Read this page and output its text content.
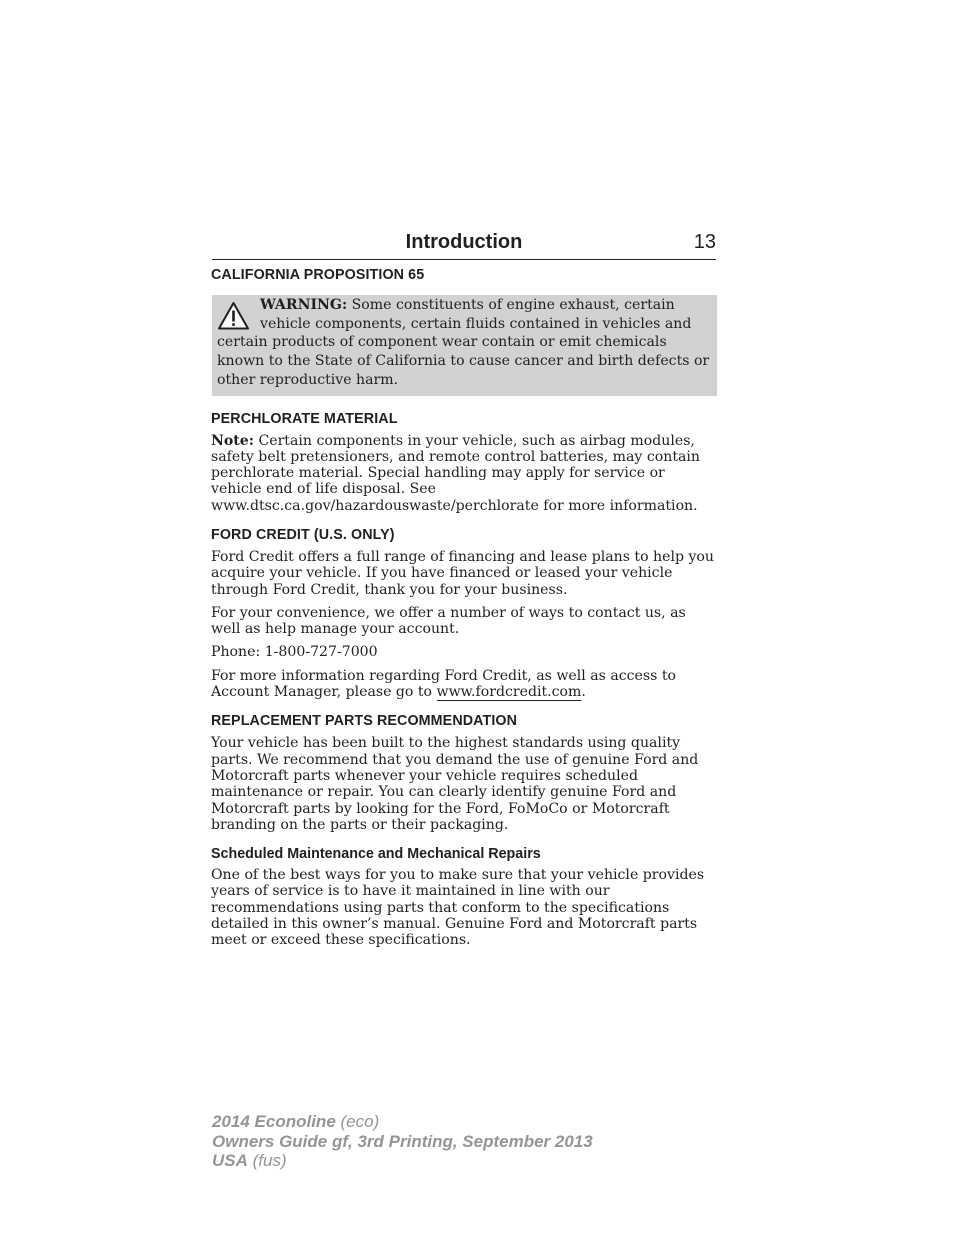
Introduction	13
CALIFORNIA PROPOSITION 65
WARNING: Some constituents of engine exhaust, certain vehicle components, certain fluids contained in vehicles and certain products of component wear contain or emit chemicals known to the State of California to cause cancer and birth defects or other reproductive harm.
PERCHLORATE MATERIAL

Note: Certain components in your vehicle, such as airbag modules, safety belt pretensioners, and remote control batteries, may contain perchlorate material. Special handling may apply for service or vehicle end of life disposal. See www.dtsc.ca.gov/hazardouswaste/perchlorate for more information.

FORD CREDIT (U.S. ONLY)

Ford Credit offers a full range of financing and lease plans to help you acquire your vehicle. If you have financed or leased your vehicle through Ford Credit, thank you for your business.

For your convenience, we offer a number of ways to contact us, as well as help manage your account.

Phone: 1-800-727-7000

For more information regarding Ford Credit, as well as access to Account Manager, please go to www.fordcredit.com.

REPLACEMENT PARTS RECOMMENDATION

Your vehicle has been built to the highest standards using quality parts. We recommend that you demand the use of genuine Ford and Motorcraft parts whenever your vehicle requires scheduled maintenance or repair. You can clearly identify genuine Ford and Motorcraft parts by looking for the Ford, FoMoCo or Motorcraft branding on the parts or their packaging.

Scheduled Maintenance and Mechanical Repairs

One of the best ways for you to make sure that your vehicle provides years of service is to have it maintained in line with our recommendations using parts that conform to the specifications detailed in this owner’s manual. Genuine Ford and Motorcraft parts meet or exceed these specifications.

2014 Econoline (eco)
Owners Guide gf, 3rd Printing, September 2013
USA (fus)
